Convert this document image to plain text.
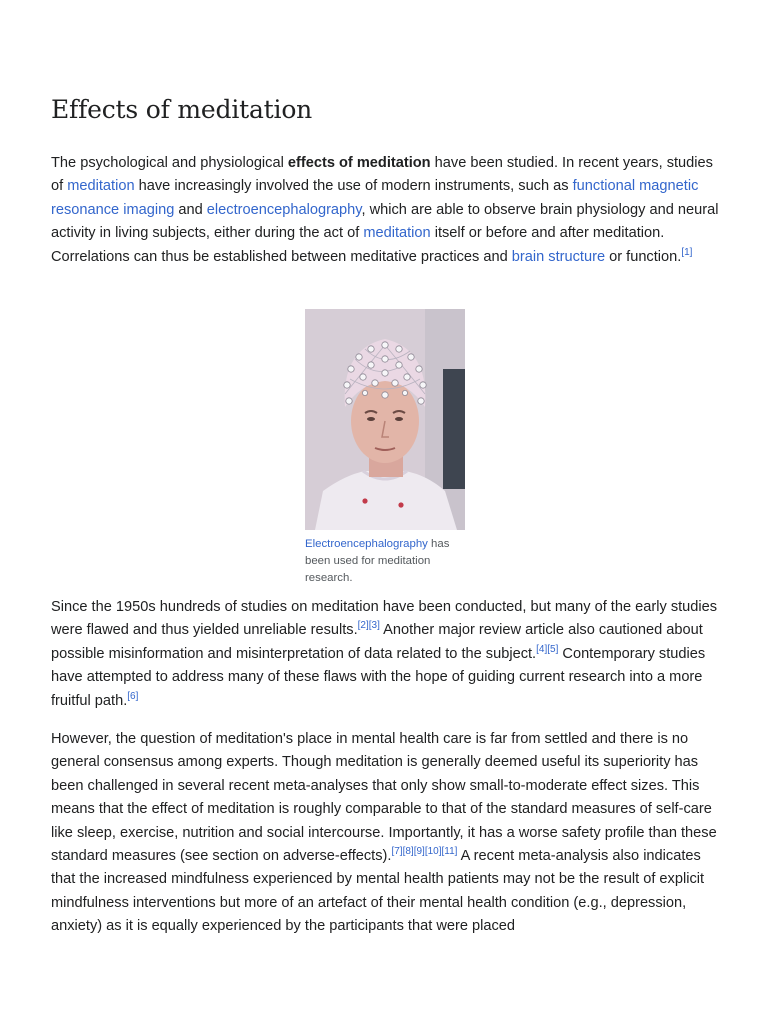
Effects of meditation

The psychological and physiological effects of meditation have been studied. In recent years, studies of meditation have increasingly involved the use of modern instruments, such as functional magnetic resonance imaging and electroencephalography, which are able to observe brain physiology and neural activity in living subjects, either during the act of meditation itself or before and after meditation. Correlations can thus be established between meditative practices and brain structure or function.[1]

Electroencephalography has been used for meditation research.

Since the 1950s hundreds of studies on meditation have been conducted, but many of the early studies were flawed and thus yielded unreliable results.[2][3] Another major review article also cautioned about possible misinformation and misinterpretation of data related to the subject.[4][5] Contemporary studies have attempted to address many of these flaws with the hope of guiding current research into a more fruitful path.[6]

However, the question of meditation's place in mental health care is far from settled and there is no general consensus among experts. Though meditation is generally deemed useful its superiority has been challenged in several recent meta-analyses that only show small-to-moderate effect sizes. This means that the effect of meditation is roughly comparable to that of the standard measures of self-care like sleep, exercise, nutrition and social intercourse. Importantly, it has a worse safety profile than these standard measures (see section on adverse-effects).[7][8][9][10][11] A recent meta-analysis also indicates that the increased mindfulness experienced by mental health patients may not be the result of explicit mindfulness interventions but more of an artefact of their mental health condition (e.g., depression, anxiety) as it is equally experienced by the participants that were placed
